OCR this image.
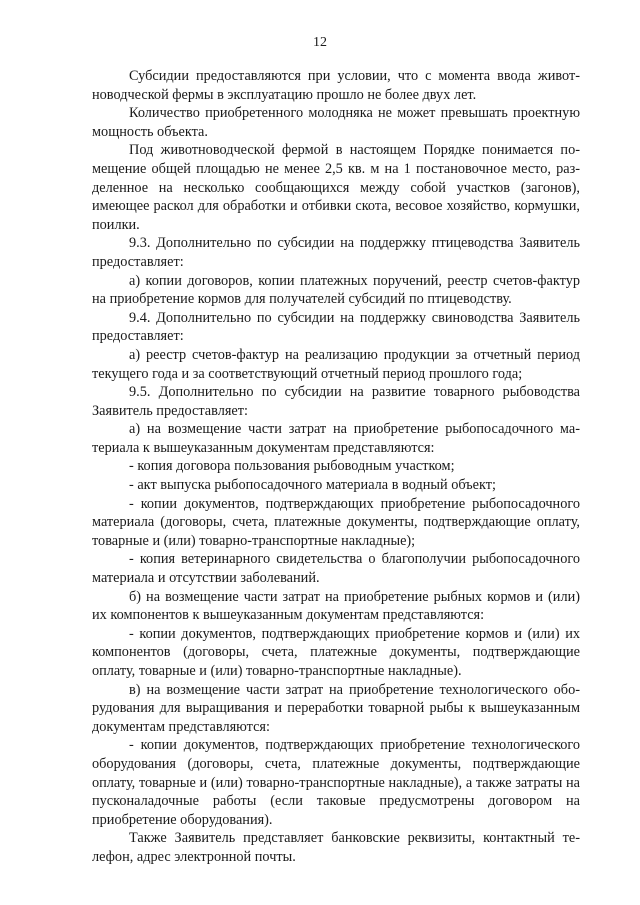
12

Субсидии предоставляются при условии, что с момента ввода животноводческой фермы в эксплуатацию прошло не более двух лет.

Количество приобретенного молодняка не может превышать проектную мощность объекта.

Под животноводческой фермой в настоящем Порядке понимается помещение общей площадью не менее 2,5 кв. м на 1 постановочное место, разделенное на несколько сообщающихся между собой участков (загонов), имеющее раскол для обработки и отбивки скота, весовое хозяйство, кормушки, поилки.

9.3. Дополнительно по субсидии на поддержку птицеводства Заявитель предоставляет:

а) копии договоров, копии платежных поручений, реестр счетов-фактур на приобретение кормов для получателей субсидий по птицеводству.

9.4. Дополнительно по субсидии на поддержку свиноводства Заявитель предоставляет:

а) реестр счетов-фактур на реализацию продукции за отчетный период текущего года и за соответствующий отчетный период прошлого года;

9.5. Дополнительно по субсидии на развитие товарного рыбоводства Заявитель предоставляет:

а) на возмещение части затрат на приобретение рыбопосадочного материала к вышеуказанным документам представляются:

- копия договора пользования рыбоводным участком;

- акт выпуска рыбопосадочного материала в водный объект;

- копии документов, подтверждающих приобретение рыбопосадочного материала (договоры, счета, платежные документы, подтверждающие оплату, товарные и (или) товарно-транспортные накладные);

- копия ветеринарного свидетельства о благополучии рыбопосадочного материала и отсутствии заболеваний.

б) на возмещение части затрат на приобретение рыбных кормов и (или) их компонентов к вышеуказанным документам представляются:

- копии документов, подтверждающих приобретение кормов и (или) их компонентов (договоры, счета, платежные документы, подтверждающие оплату, товарные и (или) товарно-транспортные накладные).

в) на возмещение части затрат на приобретение технологического оборудования для выращивания и переработки товарной рыбы к вышеуказанным документам представляются:

- копии документов, подтверждающих приобретение технологического оборудования (договоры, счета, платежные документы, подтверждающие оплату, товарные и (или) товарно-транспортные накладные), а также затраты на пусконаладочные работы (если таковые предусмотрены договором на приобретение оборудования).

Также Заявитель представляет банковские реквизиты, контактный телефон, адрес электронной почты.
